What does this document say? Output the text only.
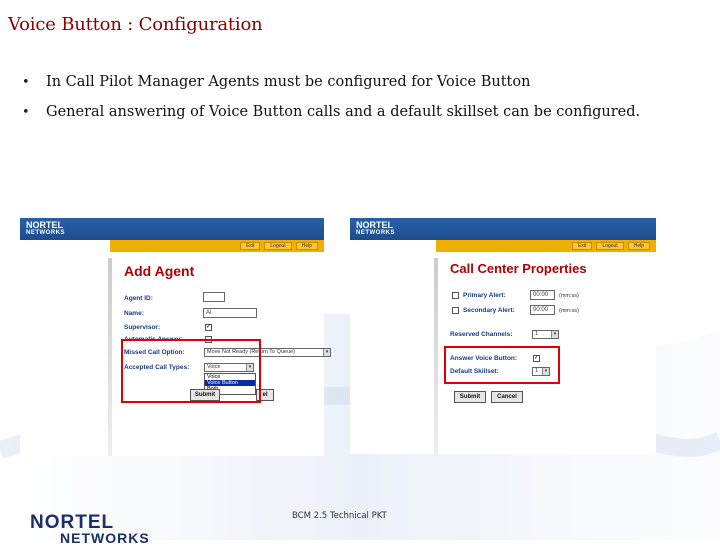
Voice Button : Configuration
•	In Call Pilot Manager Agents must be configured for Voice Button
•	General answering of Voice Button calls and a default skillset can be configured.
NORTEL
NETWORKS
Exit	Logout	Help
Add Agent
Agent ID:
Name:	Al
Supervisor:	✓
Automatic Answer:
Missed Call Option:	Move Not Ready (Return To Queue)	▾
Accepted Call Types:	Voice	▾
Voice
Voice Button
Submit	el
NORTEL
NETWORKS
Exit	Logout	Help
Call Center Properties
Primary Alert:	00:00	(mm:ss)
Secondary Alert:	00:00	(mm:ss)
Reserved Channels:	1	▾
Answer Voice Button:	✓
Default Skillset:	1	▾
Submit	Cancel
NORTEL
NETWORKS
BCM 2.5 Technical PKT
